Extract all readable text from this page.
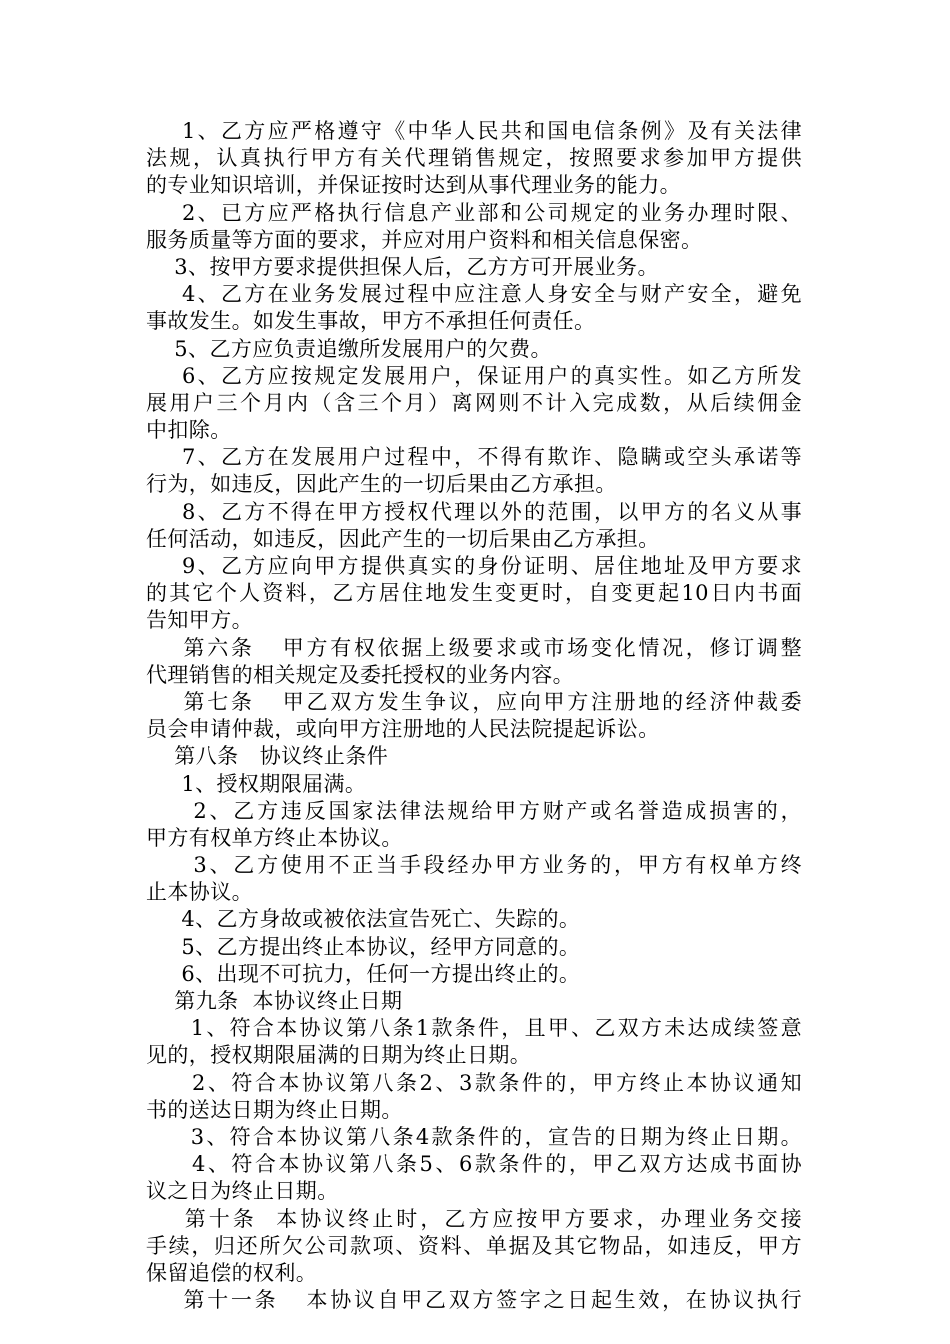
1、乙方应严格遵守《中华人民共和国电信条例》及有关法律
法规，认真执行甲方有关代理销售规定，按照要求参加甲方提供
的专业知识培训，并保证按时达到从事代理业务的能力。
2、已方应严格执行信息产业部和公司规定的业务办理时限、
服务质量等方面的要求，并应对用户资料和相关信息保密。
3、按甲方要求提供担保人后，乙方方可开展业务。
4、乙方在业务发展过程中应注意人身安全与财产安全，避免
事故发生。如发生事故，甲方不承担任何责任。
5、乙方应负责追缴所发展用户的欠费。
6、乙方应按规定发展用户，保证用户的真实性。如乙方所发
展用户三个月内（含三个月）离网则不计入完成数，从后续佣金
中扣除。
7、乙方在发展用户过程中，不得有欺诈、隐瞒或空头承诺等
行为，如违反，因此产生的一切后果由乙方承担。
8、乙方不得在甲方授权代理以外的范围，以甲方的名义从事
任何活动，如违反，因此产生的一切后果由乙方承担。
9、乙方应向甲方提供真实的身份证明、居住地址及甲方要求
的其它个人资料，乙方居住地发生变更时，自变更起10日内书面
告知甲方。
第六条   甲方有权依据上级要求或市场变化情况，修订调整
代理销售的相关规定及委托授权的业务内容。
第七条   甲乙双方发生争议，应向甲方注册地的经济仲裁委
员会申请仲裁，或向甲方注册地的人民法院提起诉讼。
第八条   协议终止条件
1、授权期限届满。
2、乙方违反国家法律法规给甲方财产或名誉造成损害的，
甲方有权单方终止本协议。
3、乙方使用不正当手段经办甲方业务的，甲方有权单方终
止本协议。
4、乙方身故或被依法宣告死亡、失踪的。
5、乙方提出终止本协议，经甲方同意的。
6、出现不可抗力，任何一方提出终止的。
第九条  本协议终止日期
1、符合本协议第八条1款条件，且甲、乙双方未达成续签意
见的，授权期限届满的日期为终止日期。
2、符合本协议第八条2、3款条件的，甲方终止本协议通知
书的送达日期为终止日期。
3、符合本协议第八条4款条件的，宣告的日期为终止日期。
4、符合本协议第八条5、6款条件的，甲乙双方达成书面协
议之日为终止日期。
第十条  本协议终止时，乙方应按甲方要求，办理业务交接
手续，归还所欠公司款项、资料、单据及其它物品，如违反，甲方
保留追偿的权利。
第十一条   本协议自甲乙双方签字之日起生效，在协议执行
